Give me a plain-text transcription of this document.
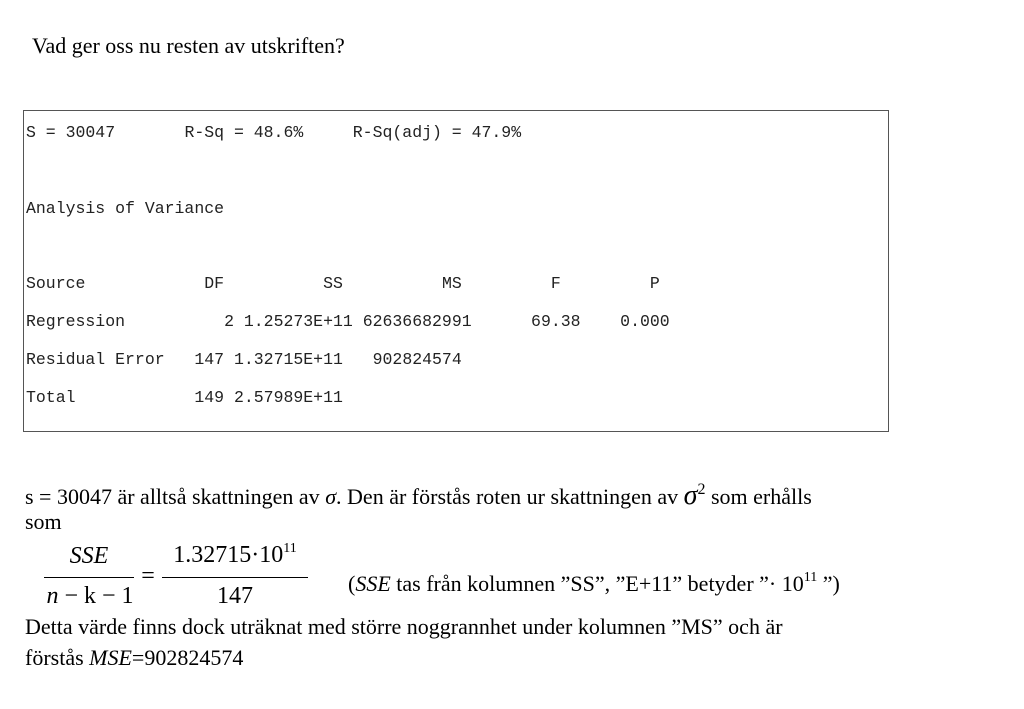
Vad ger oss nu resten av utskriften?
S = 30047	R-Sq = 48.6%	R-Sq(adj) = 47.9%
Analysis of Variance
Source	DF	SS	MS	F	P
Regression	2 1.25273E+11 62636682991	69.38 0.000
Residual Error 147 1.32715E+11 902824574
Total	149 2.57989E+11
s = 30047 är alltså skattningen av σ. Den är förstås roten ur skattningen av $\sigma^2$ som erhålls
som
SSE
n − k − 1
=
$1.32715\cdot 10^{11}$
147	(SSE tas från kolumnen ”SS”, ”E+11” betyder ”· $10^{11}$ ”)
Detta värde finns dock uträknat med större noggrannhet under kolumnen ”MS” och är
förstås MSE=902824574
